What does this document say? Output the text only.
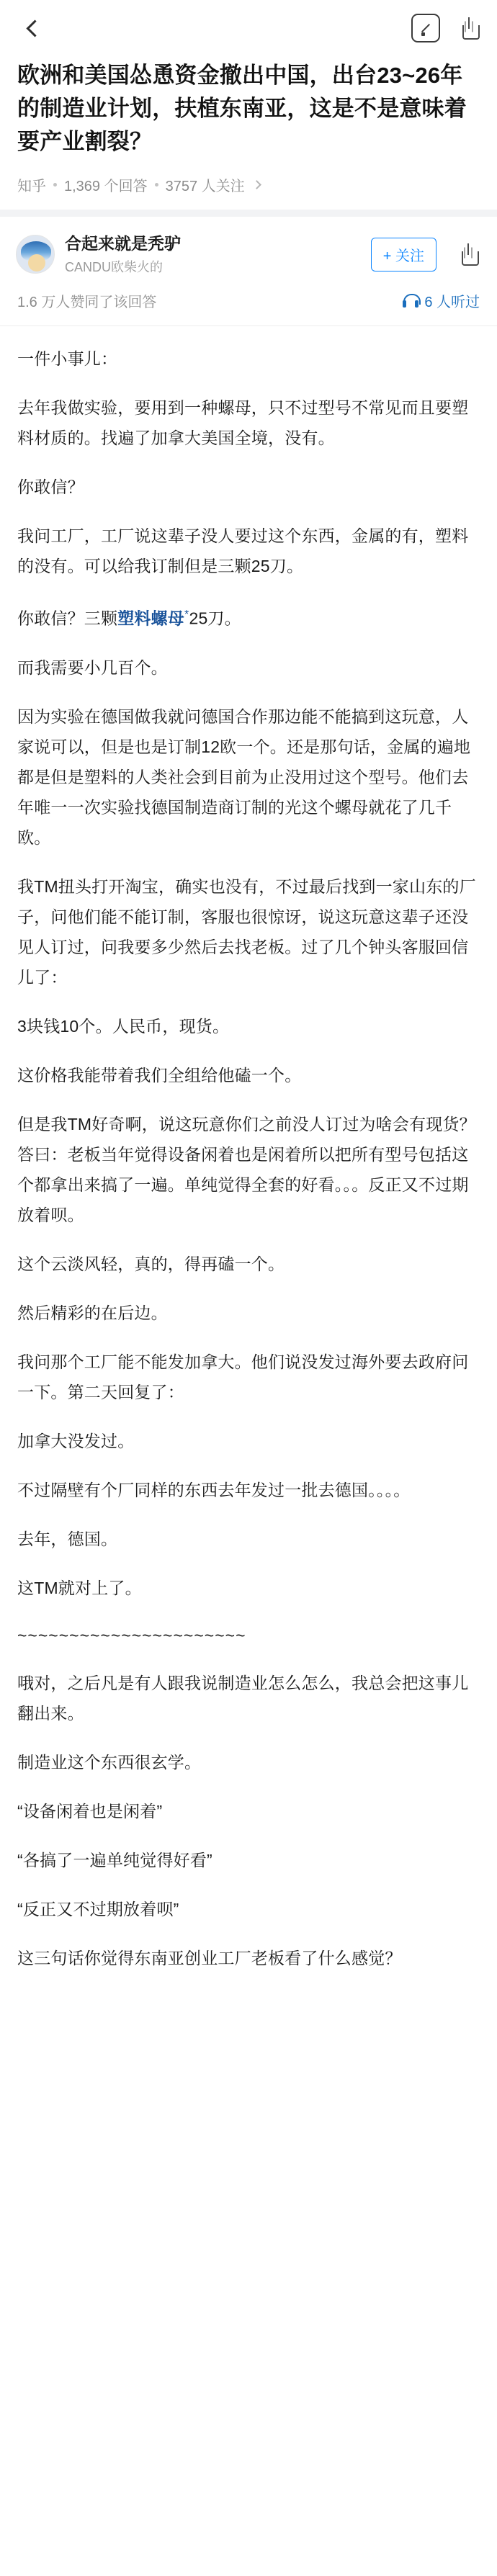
欧洲和美国怂恿资金撤出中国，出台23~26年的制造业计划，扶植东南亚，这是不是意味着要产业割裂？
知乎 1,369 个回答 3757 人关注
合起来就是秃驴
CANDU欧柴火的
+ 关注
1.6 万人赞同了该回答	6 人听过
一件小事儿：
去年我做实验，要用到一种螺母，只不过型号不常见而且要塑料材质的。找遍了加拿大美国全境，没有。
你敢信？
我问工厂，工厂说这辈子没人要过这个东西，金属的有，塑料的没有。可以给我订制但是三颗25刀。
你敢信？三颗塑料螺母*25刀。
而我需要小几百个。
因为实验在德国做我就问德国合作那边能不能搞到这玩意，人家说可以，但是也是订制12欧一个。还是那句话，金属的遍地都是但是塑料的人类社会到目前为止没用过这个型号。他们去年唯一一次实验找德国制造商订制的光这个螺母就花了几千欧。
我TM扭头打开淘宝，确实也没有，不过最后找到一家山东的厂子，问他们能不能订制，客服也很惊讶，说这玩意这辈子还没见人订过，问我要多少然后去找老板。过了几个钟头客服回信儿了：
3块钱10个。人民币，现货。
这价格我能带着我们全组给他磕一个。
但是我TM好奇啊，说这玩意你们之前没人订过为啥会有现货？答曰：老板当年觉得设备闲着也是闲着所以把所有型号包括这个都拿出来搞了一遍。单纯觉得全套的好看。。。反正又不过期放着呗。
这个云淡风轻，真的，得再磕一个。
然后精彩的在后边。
我问那个工厂能不能发加拿大。他们说没发过海外要去政府问一下。第二天回复了：
加拿大没发过。
不过隔壁有个厂同样的东西去年发过一批去德国。。。。
去年，德国。
这TM就对上了。
~~~~~~~~~~~~~~~~~~~~~~
哦对，之后凡是有人跟我说制造业怎么怎么，我总会把这事儿翻出来。
制造业这个东西很玄学。
“设备闲着也是闲着”
“各搞了一遍单纯觉得好看”
“反正又不过期放着呗”
这三句话你觉得东南亚创业工厂老板看了什么感觉？
